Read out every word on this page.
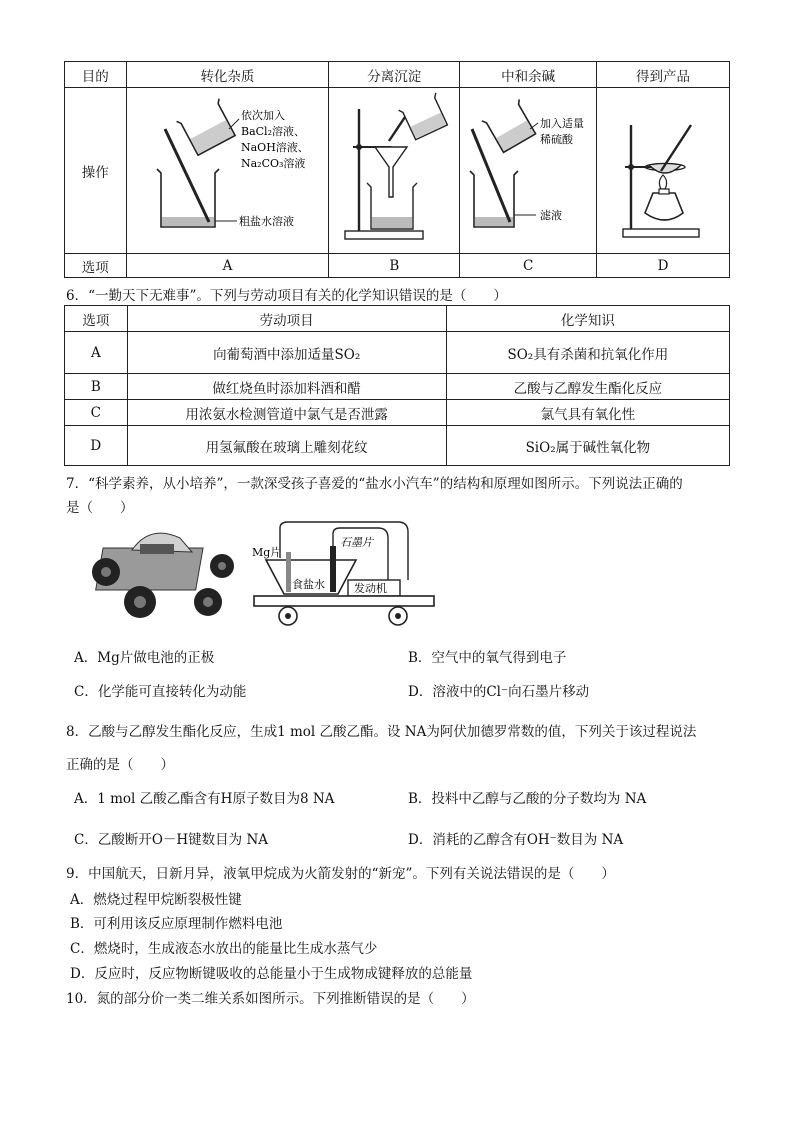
目的	转化杂质	分离沉淀	中和余碱	得到产品
操作	依次加入
BaCl₂溶液、
NaOH溶液、
Na₂CO₃溶液
粗盐水溶液		加入适量
稀硫酸
滤液

选项	A	B	C	D
6．“一勤天下无难事”。下列与劳动项目有关的化学知识错误的是（　　）
选项	劳动项目	化学知识
A	向葡萄酒中添加适量SO₂	SO₂具有杀菌和抗氧化作用
B	做红烧鱼时添加料酒和醋	乙酸与乙醇发生酯化反应
C	用浓氨水检测管道中氯气是否泄露	氯气具有氧化性
D	用氢氟酸在玻璃上雕刻花纹	SiO₂属于碱性氧化物
7．“科学素养，从小培养”，一款深受孩子喜爱的“盐水小汽车”的结构和原理如图所示。下列说法正确的
是（　　）
Mg片
石墨片
食盐水	发动机
A．Mg片做电池的正极	B．空气中的氧气得到电子
C．化学能可直接转化为动能	D．溶液中的Cl⁻向石墨片移动
8．乙酸与乙醇发生酯化反应，生成1 mol 乙酸乙酯。设 NA为阿伏加德罗常数的值，下列关于该过程说法
正确的是（　　）
A．1 mol 乙酸乙酯含有H原子数目为8 NA	B．投料中乙醇与乙酸的分子数均为 NA
C．乙酸断开O－H键数目为 NA	D．消耗的乙醇含有OH⁻数目为 NA
9．中国航天，日新月异，液氧甲烷成为火箭发射的“新宠”。下列有关说法错误的是（　　）
A．燃烧过程甲烷断裂极性键
B．可利用该反应原理制作燃料电池
C．燃烧时，生成液态水放出的能量比生成水蒸气少
D．反应时，反应物断键吸收的总能量小于生成物成键释放的总能量
10．氮的部分价一类二维关系如图所示。下列推断错误的是（　　）
